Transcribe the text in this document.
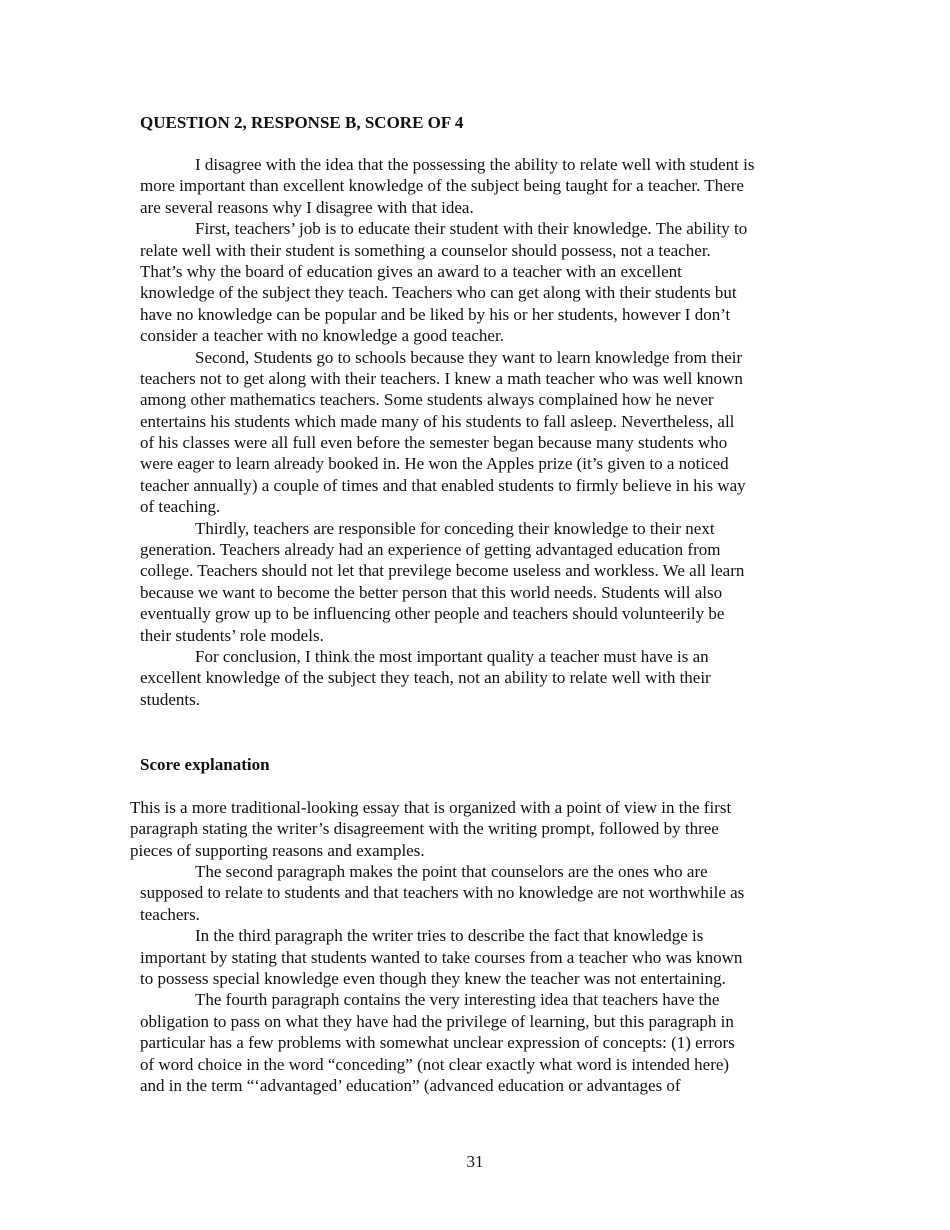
QUESTION 2, RESPONSE B, SCORE OF 4
I disagree with the idea that the possessing the ability to relate well with student is
more important than excellent knowledge of the subject being taught for a teacher. There
are several reasons why I disagree with that idea.
First, teachers’ job is to educate their student with their knowledge. The ability to
relate well with their student is something a counselor should possess, not a teacher.
That’s why the board of education gives an award to a teacher with an excellent
knowledge of the subject they teach. Teachers who can get along with their students but
have no knowledge can be popular and be liked by his or her students, however I don’t
consider a teacher with no knowledge a good teacher.
Second, Students go to schools because they want to learn knowledge from their
teachers not to get along with their teachers. I knew a math teacher who was well known
among other mathematics teachers. Some students always complained how he never
entertains his students which made many of his students to fall asleep. Nevertheless, all
of his classes were all full even before the semester began because many students who
were eager to learn already booked in. He won the Apples prize (it’s given to a noticed
teacher annually) a couple of times and that enabled students to firmly believe in his way
of teaching.
Thirdly, teachers are responsible for conceding their knowledge to their next
generation. Teachers already had an experience of getting advantaged education from
college. Teachers should not let that previlege become useless and workless. We all learn
because we want to become the better person that this world needs. Students will also
eventually grow up to be influencing other people and teachers should volunteerily be
their students’ role models.
For conclusion, I think the most important quality a teacher must have is an
excellent knowledge of the subject they teach, not an ability to relate well with their
students.
Score explanation
This is a more traditional-looking essay that is organized with a point of view in the first
paragraph stating the writer’s disagreement with the writing prompt, followed by three
pieces of supporting reasons and examples.
The second paragraph makes the point that counselors are the ones who are
supposed to relate to students and that teachers with no knowledge are not worthwhile as
teachers.
In the third paragraph the writer tries to describe the fact that knowledge is
important by stating that students wanted to take courses from a teacher who was known
to possess special knowledge even though they knew the teacher was not entertaining.
The fourth paragraph contains the very interesting idea that teachers have the
obligation to pass on what they have had the privilege of learning, but this paragraph in
particular has a few problems with somewhat unclear expression of concepts: (1) errors
of word choice in the word “conceding” (not clear exactly what word is intended here)
and in the term “‘advantaged’ education” (advanced education or advantages of
31
